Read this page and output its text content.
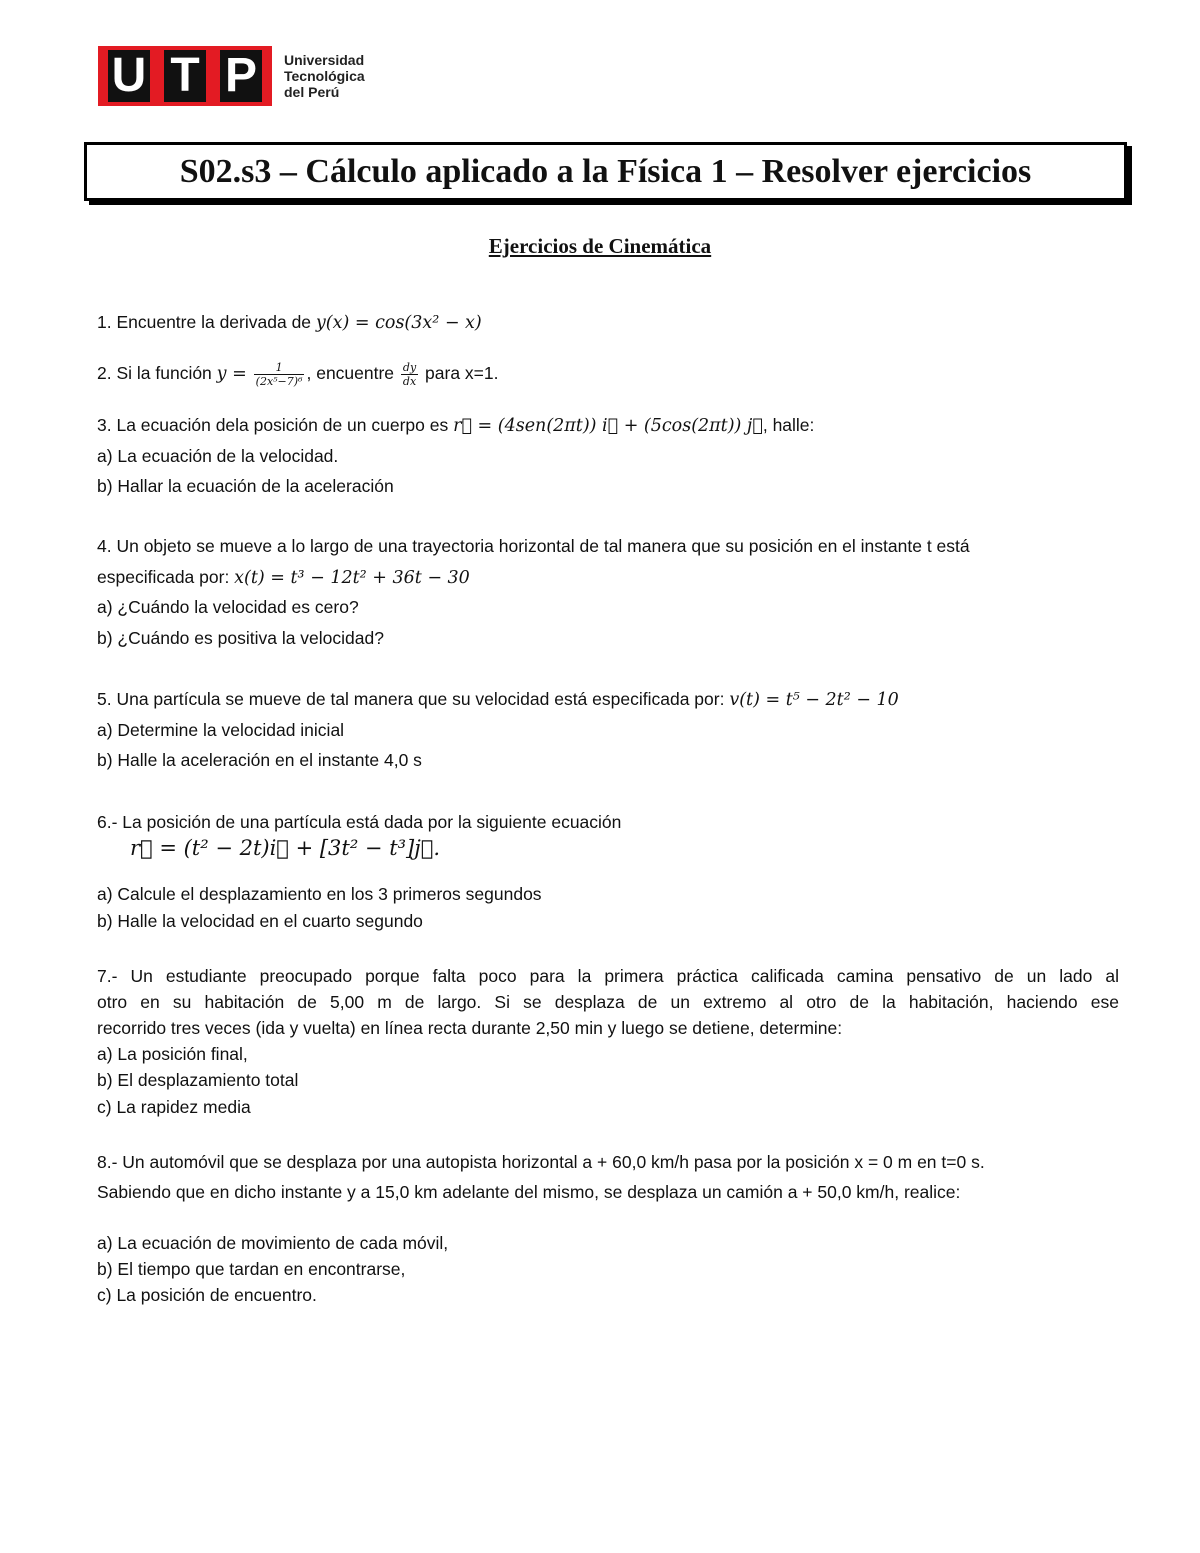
U T P	Universidad
Tecnológica
del Perú
S02.s3 – Cálculo aplicado a la Física 1 – Resolver ejercicios
Ejercicios de Cinemática
1. Encuentre la derivada de y(x) = cos(3x² − x)
2. Si la función $y = \frac{1}{\text{(2x⁵−7)⁶}}$ , encuentre $\frac{dy}{dx}$ para x=1.
3. La ecuación dela posición de un cuerpo es r⃗ = (4sen(2πt)) i⃗ + (5cos(2πt)) j⃗, halle:
a) La ecuación de la velocidad.
b) Hallar la ecuación de la aceleración
4. Un objeto se mueve a lo largo de una trayectoria horizontal de tal manera que su posición en el instante t está
especificada por: x(t) = t³ − 12t² + 36t − 30
a) ¿Cuándo la velocidad es cero?
b) ¿Cuándo es positiva la velocidad?
5. Una partícula se mueve de tal manera que su velocidad está especificada por: v(t) = t⁵ − 2t² − 10
a) Determine la velocidad inicial
b) Halle la aceleración en el instante 4,0 s
6.- La posición de una partícula está dada por la siguiente ecuación
r⃗ = (t² − 2t)i⃗ + [3t² − t³]j⃗.
a) Calcule el desplazamiento en los 3 primeros segundos
b) Halle la velocidad en el cuarto segundo
7.- Un estudiante preocupado porque falta poco para la primera práctica calificada camina pensativo de un lado al
otro en su habitación de 5,00 m de largo. Si se desplaza de un extremo al otro de la habitación, haciendo ese
recorrido tres veces (ida y vuelta) en línea recta durante 2,50 min y luego se detiene, determine:
a) La posición final,
b) El desplazamiento total
c) La rapidez media
8.- Un automóvil que se desplaza por una autopista horizontal a + 60,0 km/h pasa por la posición x = 0 m en t=0 s.
Sabiendo que en dicho instante y a 15,0 km adelante del mismo, se desplaza un camión a + 50,0 km/h, realice:
a) La ecuación de movimiento de cada móvil,
b) El tiempo que tardan en encontrarse,
c) La posición de encuentro.
